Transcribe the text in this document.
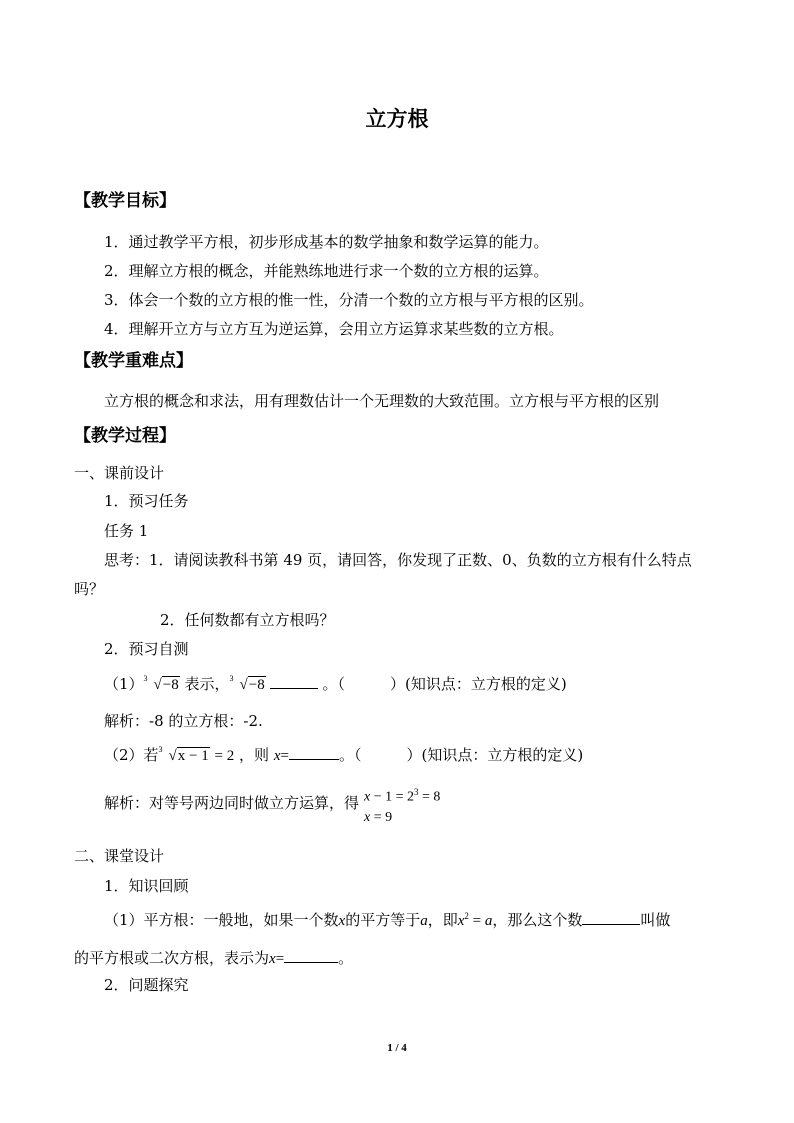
立方根
【教学目标】
1．通过教学平方根，初步形成基本的数学抽象和数学运算的能力。
2．理解立方根的概念，并能熟练地进行求一个数的立方根的运算。
3．体会一个数的立方根的惟一性，分清一个数的立方根与平方根的区别。
4．理解开立方与立方互为逆运算，会用立方运算求某些数的立方根。
【教学重难点】
立方根的概念和求法，用有理数估计一个无理数的大致范围。立方根与平方根的区别
【教学过程】
一、课前设计
1．预习任务
任务 1
思考：1．请阅读教科书第 49 页，请回答，你发现了正数、0、负数的立方根有什么特点
吗？
2．任何数都有立方根吗？
2．预习自测
（1） 3 √−8 表示， 3 √−8	。（　　　）(知识点：立方根的定义)
解析：-8 的立方根：-2.
（2）若 3 √x − 1 = 2 ，则 x=	。（　　　）(知识点：立方根的定义)
解析：对等号两边同时做立方运算，得 $x - 1 = 2^3 = 8$
x = 9
二、课堂设计
1．知识回顾
（1）平方根：一般地，如果一个数x的平方等于a，即$x^2 = a$，那么这个数	叫做
的平方根或二次方根，表示为x=	。
2．问题探究
1 / 4
